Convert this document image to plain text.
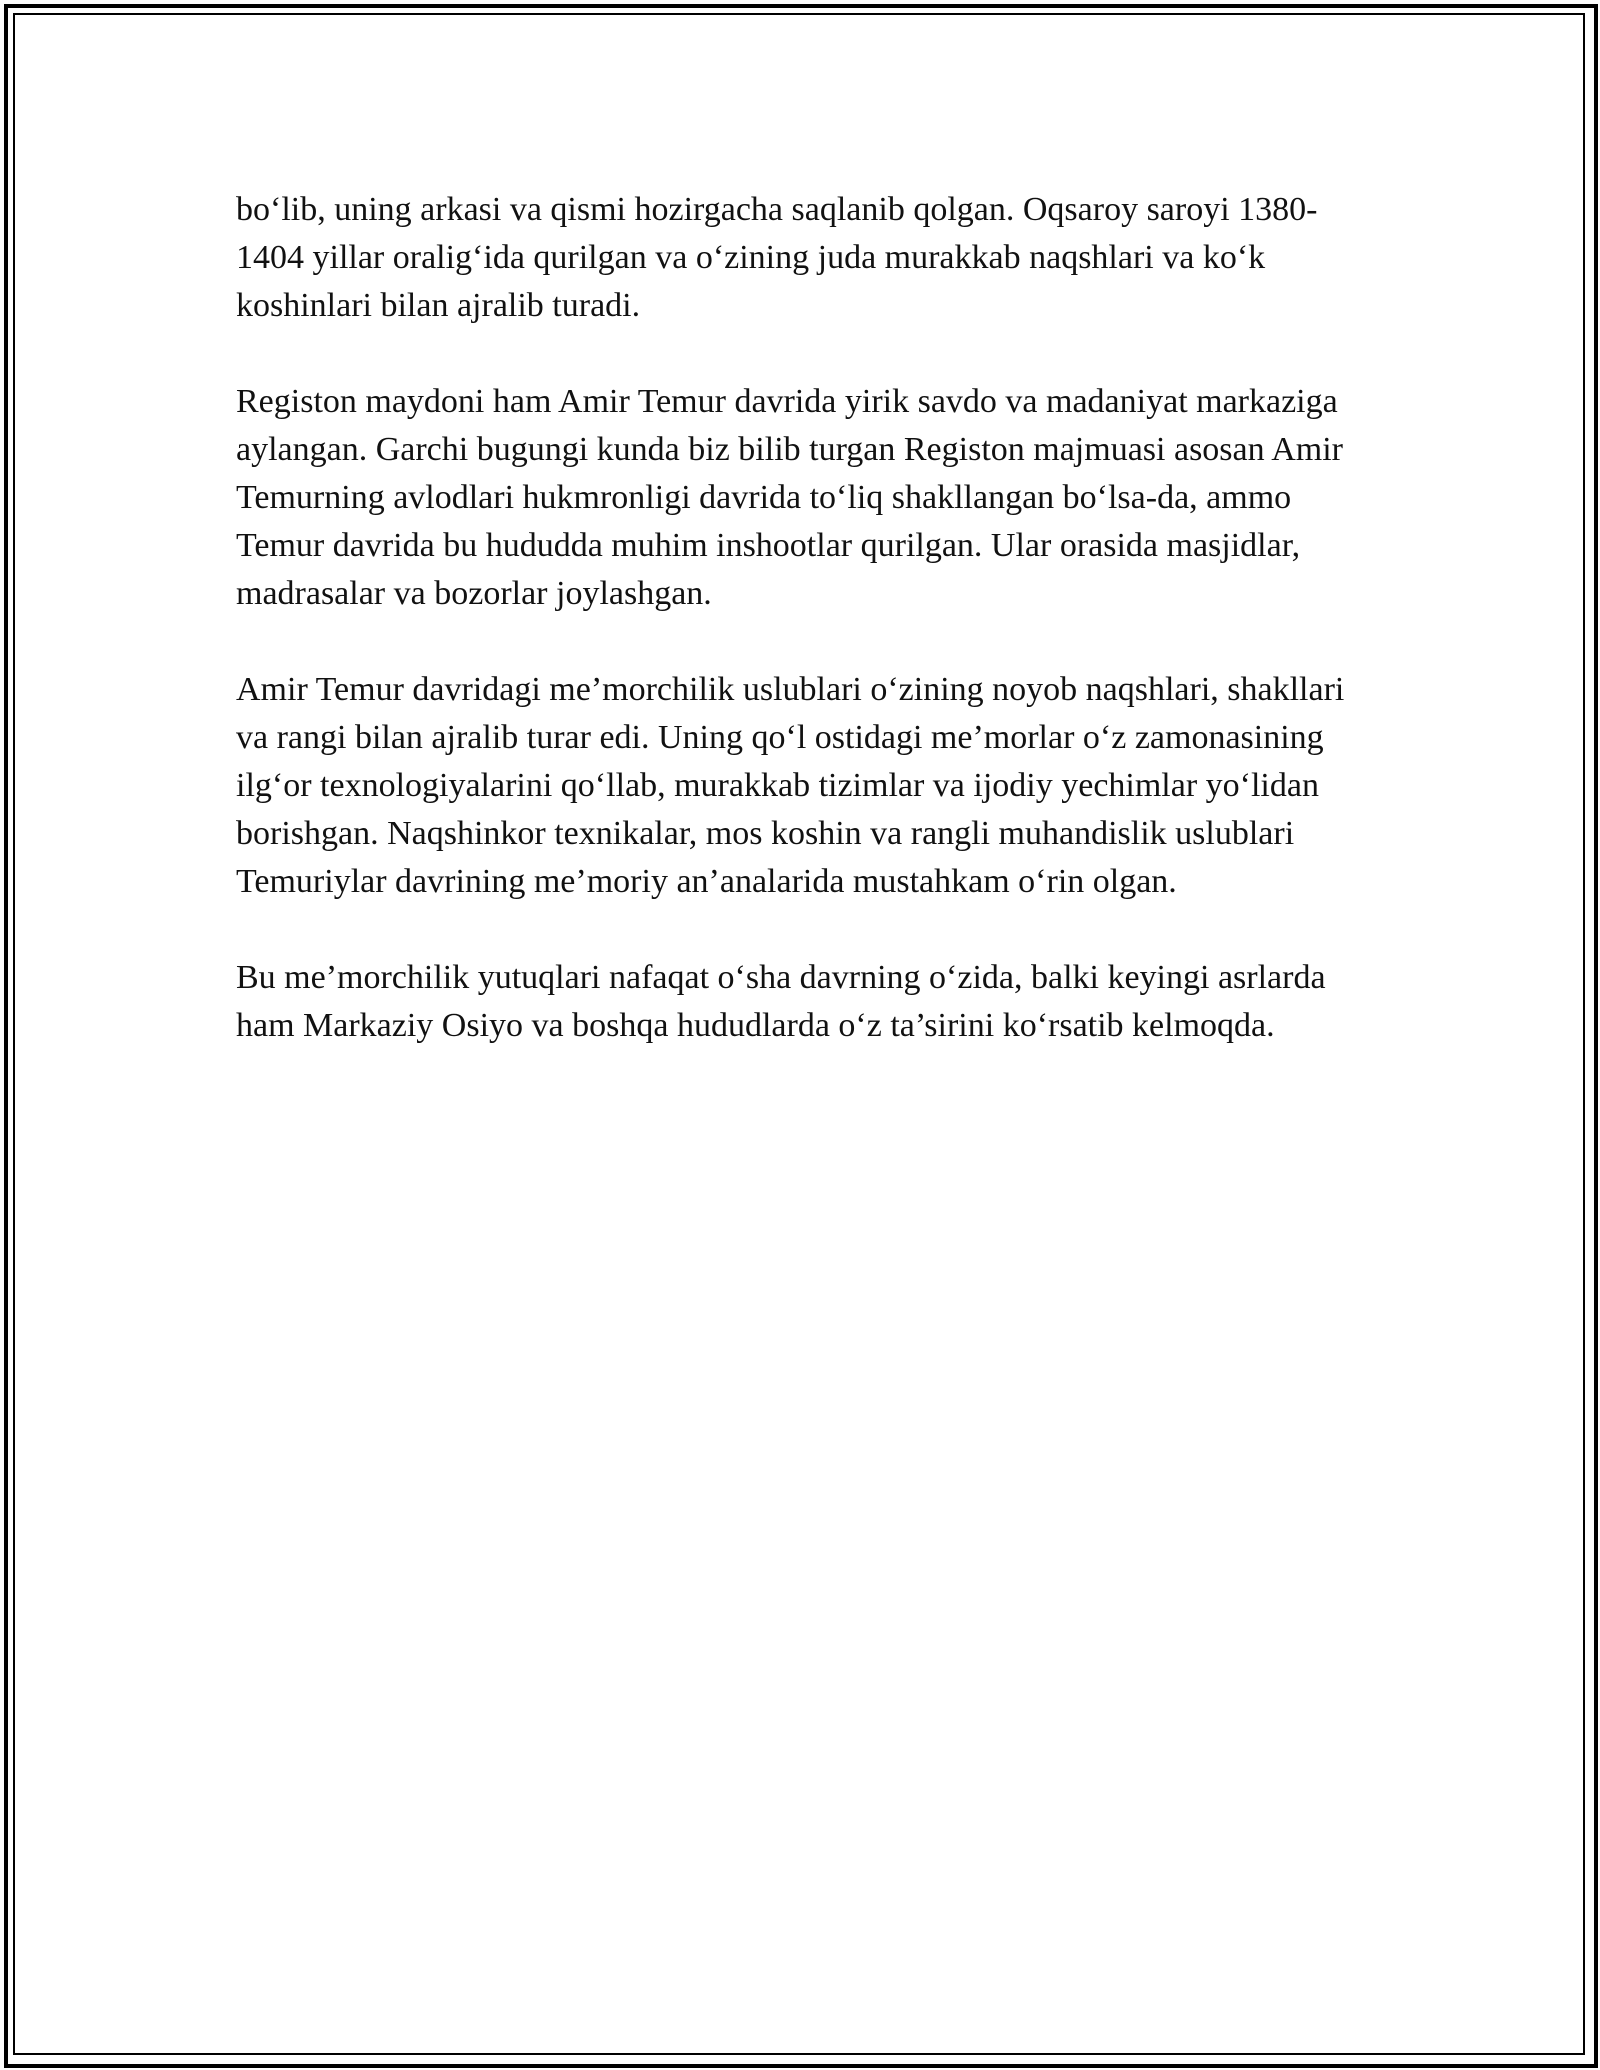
bo‘lib, uning arkasi va qismi hozirgacha saqlanib qolgan. Oqsaroy saroyi 1380-1404 yillar oralig‘ida qurilgan va o‘zining juda murakkab naqshlari va ko‘k koshinlari bilan ajralib turadi.

Registon maydoni ham Amir Temur davrida yirik savdo va madaniyat markaziga aylangan. Garchi bugungi kunda biz bilib turgan Registon majmuasi asosan Amir Temurning avlodlari hukmronligi davrida to‘liq shakllangan bo‘lsa-da, ammo Temur davrida bu hududda muhim inshootlar qurilgan. Ular orasida masjidlar, madrasalar va bozorlar joylashgan.

Amir Temur davridagi me’morchilik uslublari o‘zining noyob naqshlari, shakllari va rangi bilan ajralib turar edi. Uning qo‘l ostidagi me’morlar o‘z zamonasining ilg‘or texnologiyalarini qo‘llab, murakkab tizimlar va ijodiy yechimlar yo‘lidan borishgan. Naqshinkor texnikalar, mos koshin va rangli muhandislik uslublari Temuriylar davrining me’moriy an’analarida mustahkam o‘rin olgan.

Bu me’morchilik yutuqlari nafaqat o‘sha davrning o‘zida, balki keyingi asrlarda ham Markaziy Osiyo va boshqa hududlarda o‘z ta’sirini ko‘rsatib kelmoqda.
